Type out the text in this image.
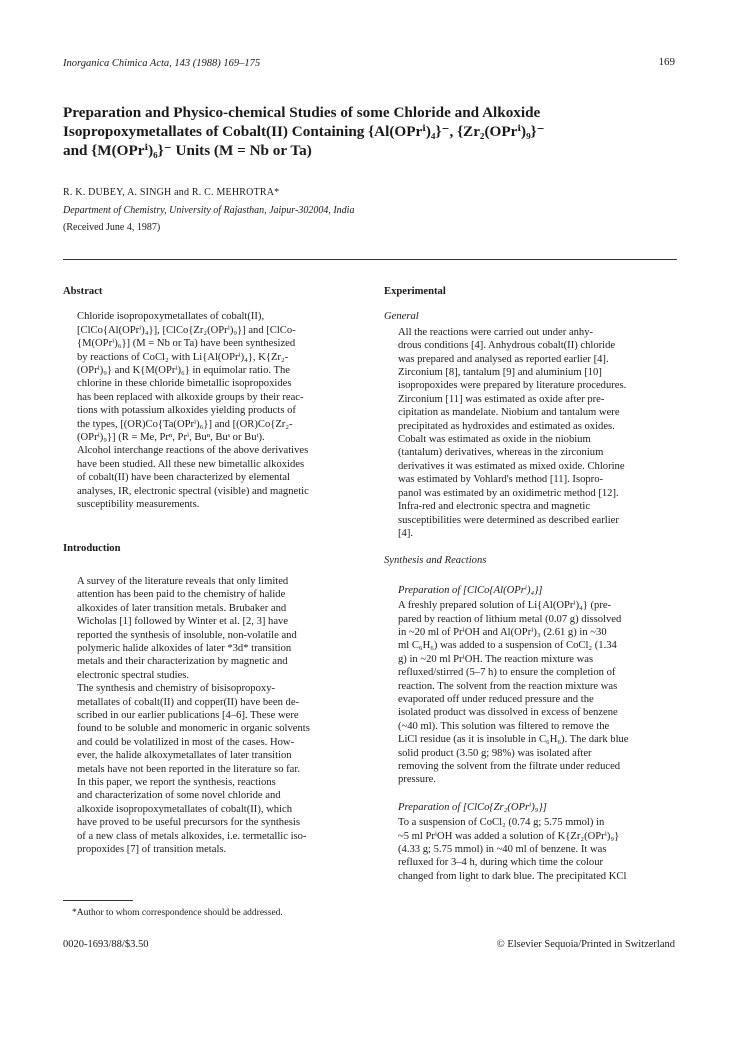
Inorganica Chimica Acta, 143 (1988) 169–175	169
Preparation and Physico-chemical Studies of some Chloride and Alkoxide
Isopropoxymetallates of Cobalt(II) Containing {Al(OPrⁱ)₄}⁻, {Zr₂(OPrⁱ)₉}⁻
and {M(OPrⁱ)₆}⁻ Units (M = Nb or Ta)
R. K. DUBEY, A. SINGH and R. C. MEHROTRA*
Department of Chemistry, University of Rajasthan, Jaipur-302004, India
(Received June 4, 1987)
Abstract
Chloride isopropoxymetallates of cobalt(II),
[ClCo{Al(OPrⁱ)₄}], [ClCo{Zr₂(OPrⁱ)₉}] and [ClCo-
{M(OPrⁱ)₆}] (M = Nb or Ta) have been synthesized
by reactions of CoCl₂ with Li{Al(OPrⁱ)₄}, K{Zr₂-
(OPrⁱ)₉} and K{M(OPrⁱ)₆} in equimolar ratio. The
chlorine in these chloride bimetallic isopropoxides
has been replaced with alkoxide groups by their reac-
tions with potassium alkoxides yielding products of
the types, [(OR)Co{Ta(OPrⁱ)₆}] and [(OR)Co{Zr₂-
(OPrⁱ)₉}] (R = Me, Prⁿ, Prⁱ, Buⁿ, Buˢ or Buᵗ).
Alcohol interchange reactions of the above derivatives
have been studied. All these new bimetallic alkoxides
of cobalt(II) have been characterized by elemental
analyses, IR, electronic spectral (visible) and magnetic
susceptibility measurements.
Introduction
A survey of the literature reveals that only limited
attention has been paid to the chemistry of halide
alkoxides of later transition metals. Brubaker and
Wicholas [1] followed by Winter et al. [2, 3] have
reported the synthesis of insoluble, non-volatile and
polymeric halide alkoxides of later *3d* transition
metals and their characterization by magnetic and
electronic spectral studies.
The synthesis and chemistry of bisisopropoxy-
metallates of cobalt(II) and copper(II) have been de-
scribed in our earlier publications [4–6]. These were
found to be soluble and monomeric in organic solvents
and could be volatilized in most of the cases. How-
ever, the halide alkoxymetallates of later transition
metals have not been reported in the literature so far.
In this paper, we report the synthesis, reactions
and characterization of some novel chloride and
alkoxide isopropoxymetallates of cobalt(II), which
have proved to be useful precursors for the synthesis
of a new class of metals alkoxides, i.e. termetallic iso-
propoxides [7] of transition metals.
Experimental
General
All the reactions were carried out under anhy-
drous conditions [4]. Anhydrous cobalt(II) chloride
was prepared and analysed as reported earlier [4].
Zirconium [8], tantalum [9] and aluminium [10]
isopropoxides were prepared by literature procedures.
Zirconium [11] was estimated as oxide after pre-
cipitation as mandelate. Niobium and tantalum were
precipitated as hydroxides and estimated as oxides.
Cobalt was estimated as oxide in the niobium
(tantalum) derivatives, whereas in the zirconium
derivatives it was estimated as mixed oxide. Chlorine
was estimated by Vohlard's method [11]. Isopro-
panol was estimated by an oxidimetric method [12].
Infra-red and electronic spectra and magnetic
susceptibilities were determined as described earlier
[4].
Synthesis and Reactions
Preparation of [ClCo{Al(OPrⁱ)₄}]
A freshly prepared solution of Li{Al(OPrⁱ)₄} (pre-
pared by reaction of lithium metal (0.07 g) dissolved
in ~20 ml of PrⁱOH and Al(OPrⁱ)₃ (2.61 g) in ~30
ml C₆H₆) was added to a suspension of CoCl₂ (1.34
g) in ~20 ml PrⁱOH. The reaction mixture was
refluxed/stirred (5–7 h) to ensure the completion of
reaction. The solvent from the reaction mixture was
evaporated off under reduced pressure and the
isolated product was dissolved in excess of benzene
(~40 ml). This solution was filtered to remove the
LiCl residue (as it is insoluble in C₆H₆). The dark blue
solid product (3.50 g; 98%) was isolated after
removing the solvent from the filtrate under reduced
pressure.
Preparation of [ClCo{Zr₂(OPrⁱ)₉}]
To a suspension of CoCl₂ (0.74 g; 5.75 mmol) in
~5 ml PrⁱOH was added a solution of K{Zr₂(OPrⁱ)₉}
(4.33 g; 5.75 mmol) in ~40 ml of benzene. It was
refluxed for 3–4 h, during which time the colour
changed from light to dark blue. The precipitated KCl
*Author to whom correspondence should be addressed.
0020-1693/88/$3.50	© Elsevier Sequoia/Printed in Switzerland
